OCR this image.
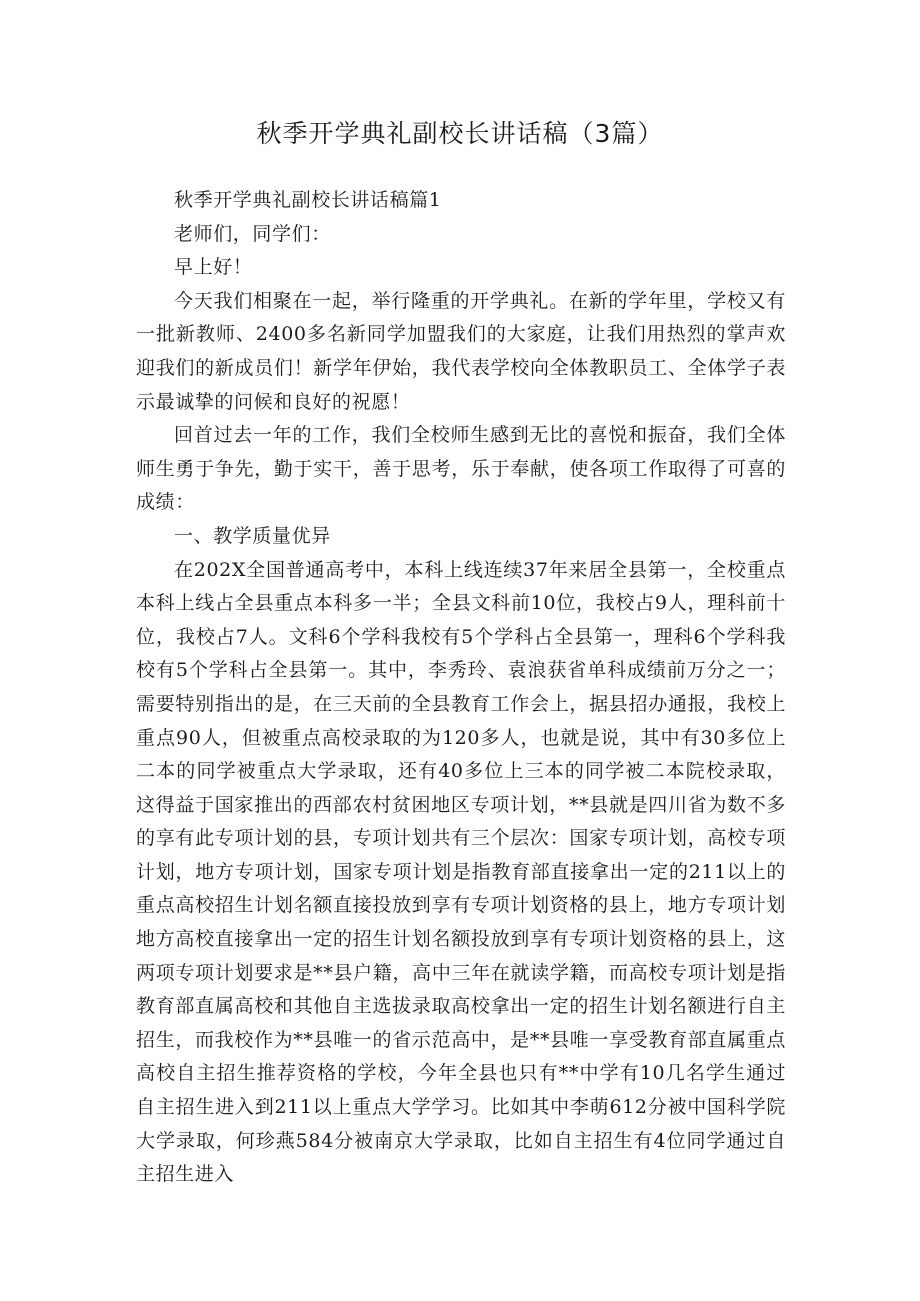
秋季开学典礼副校长讲话稿（3篇）

秋季开学典礼副校长讲话稿篇1

老师们，同学们：

早上好！

今天我们相聚在一起，举行隆重的开学典礼。在新的学年里，学校又有一批新教师、2400多名新同学加盟我们的大家庭，让我们用热烈的掌声欢迎我们的新成员们！新学年伊始，我代表学校向全体教职员工、全体学子表示最诚挚的问候和良好的祝愿！

回首过去一年的工作，我们全校师生感到无比的喜悦和振奋，我们全体师生勇于争先，勤于实干，善于思考，乐于奉献，使各项工作取得了可喜的成绩：

一、教学质量优异

在202X全国普通高考中，本科上线连续37年来居全县第一，全校重点本科上线占全县重点本科多一半；全县文科前10位，我校占9人，理科前十位，我校占7人。文科6个学科我校有5个学科占全县第一，理科6个学科我校有5个学科占全县第一。其中，李秀玲、袁浪获省单科成绩前万分之一；需要特别指出的是，在三天前的全县教育工作会上，据县招办通报，我校上重点90人，但被重点高校录取的为120多人，也就是说，其中有30多位上二本的同学被重点大学录取，还有40多位上三本的同学被二本院校录取，这得益于国家推出的西部农村贫困地区专项计划，**县就是四川省为数不多的享有此专项计划的县，专项计划共有三个层次：国家专项计划，高校专项计划，地方专项计划，国家专项计划是指教育部直接拿出一定的211以上的重点高校招生计划名额直接投放到享有专项计划资格的县上，地方专项计划地方高校直接拿出一定的招生计划名额投放到享有专项计划资格的县上，这两项专项计划要求是**县户籍，高中三年在就读学籍，而高校专项计划是指教育部直属高校和其他自主选拔录取高校拿出一定的招生计划名额进行自主招生，而我校作为**县唯一的省示范高中，是**县唯一享受教育部直属重点高校自主招生推荐资格的学校，今年全县也只有**中学有10几名学生通过自主招生进入到211以上重点大学学习。比如其中李萌612分被中国科学院大学录取，何珍燕584分被南京大学录取，比如自主招生有4位同学通过自主招生进入
